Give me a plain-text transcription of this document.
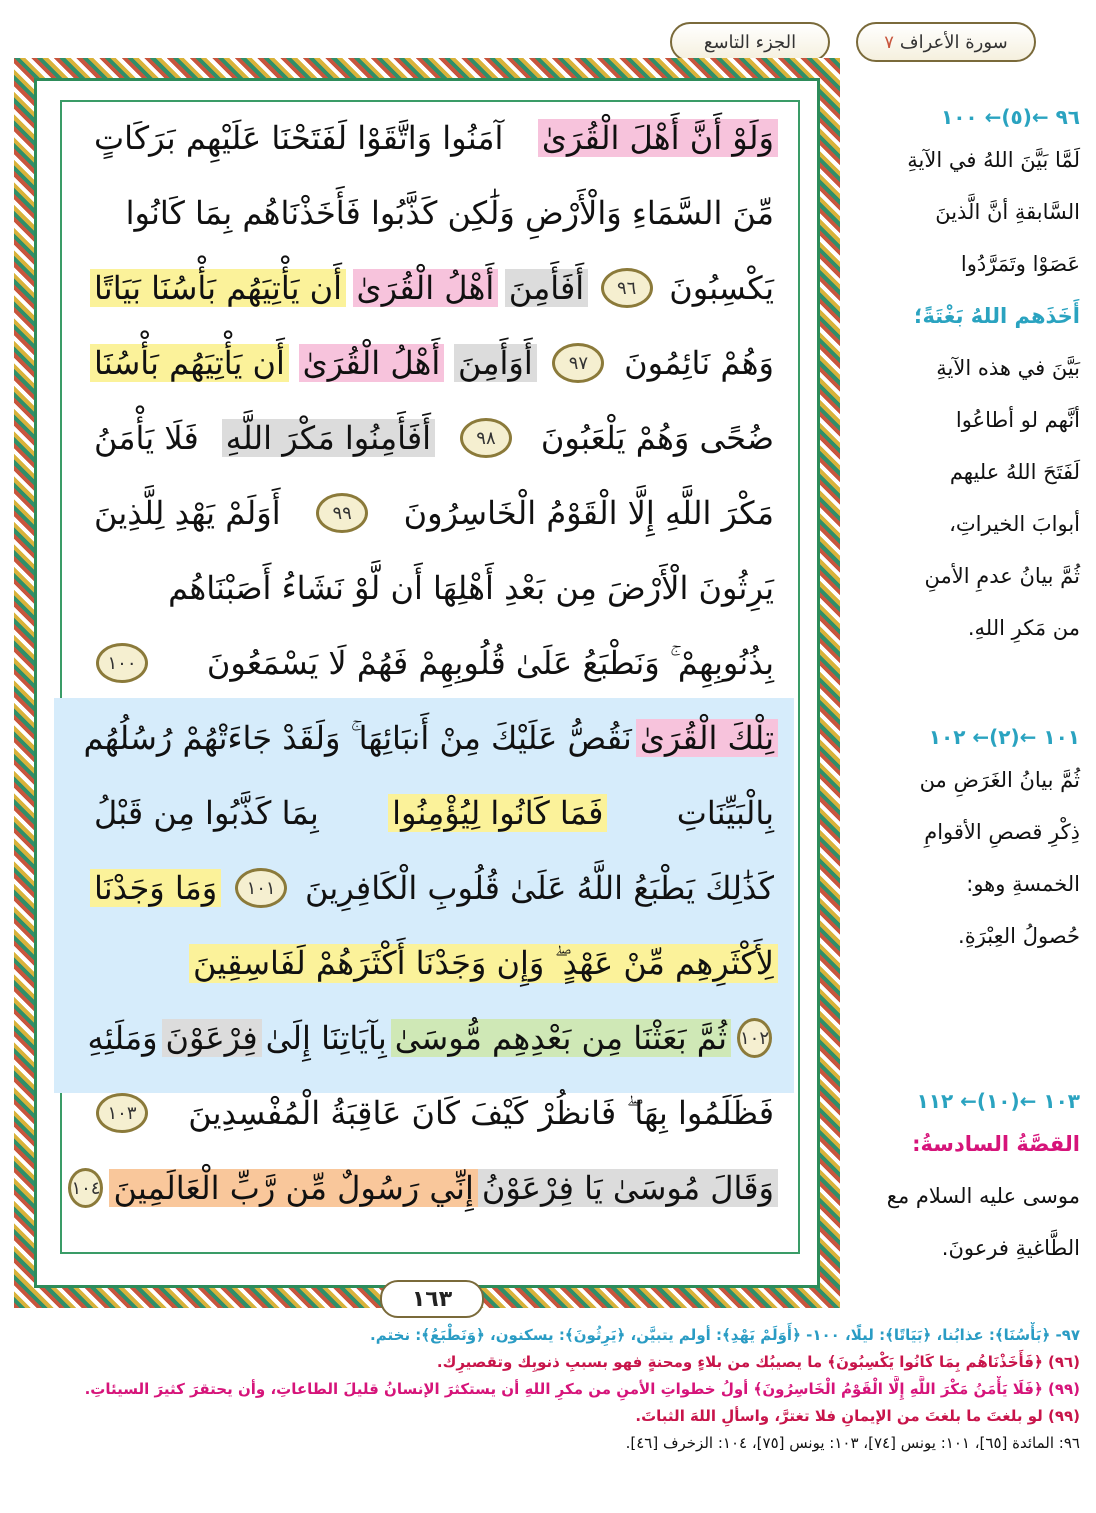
الجزء التاسع	سورة الأعراف
٧
وَلَوْ أَنَّ أَهْلَ الْقُرَىٰ
آمَنُوا وَاتَّقَوْا لَفَتَحْنَا عَلَيْهِم بَرَكَاتٍ
مِّنَ السَّمَاءِ وَالْأَرْضِ وَلَٰكِن كَذَّبُوا فَأَخَذْنَاهُم بِمَا كَانُوا
يَكْسِبُونَ
٩٦
أَفَأَمِنَ
أَهْلُ الْقُرَىٰ
أَن يَأْتِيَهُم بَأْسُنَا بَيَاتًا
وَهُمْ نَائِمُونَ
٩٧
أَوَأَمِنَ
أَهْلُ الْقُرَىٰ
أَن يَأْتِيَهُم بَأْسُنَا
ضُحًى وَهُمْ يَلْعَبُونَ
٩٨
أَفَأَمِنُوا مَكْرَ اللَّهِ
فَلَا يَأْمَنُ
مَكْرَ اللَّهِ إِلَّا الْقَوْمُ الْخَاسِرُونَ
٩٩
أَوَلَمْ يَهْدِ لِلَّذِينَ
يَرِثُونَ الْأَرْضَ مِن بَعْدِ أَهْلِهَا أَن لَّوْ نَشَاءُ أَصَبْنَاهُم
بِذُنُوبِهِمْ ۚ وَنَطْبَعُ عَلَىٰ قُلُوبِهِمْ فَهُمْ لَا يَسْمَعُونَ
١٠٠
تِلْكَ الْقُرَىٰ
نَقُصُّ عَلَيْكَ مِنْ أَنبَائِهَا ۚ وَلَقَدْ جَاءَتْهُمْ رُسُلُهُم
بِالْبَيِّنَاتِ
فَمَا كَانُوا لِيُؤْمِنُوا
بِمَا كَذَّبُوا مِن قَبْلُ
كَذَٰلِكَ يَطْبَعُ اللَّهُ عَلَىٰ قُلُوبِ الْكَافِرِينَ
١٠١
وَمَا وَجَدْنَا
لِأَكْثَرِهِم مِّنْ عَهْدٍ ۖ وَإِن وَجَدْنَا أَكْثَرَهُمْ لَفَاسِقِينَ
١٠٢
ثُمَّ بَعَثْنَا مِن بَعْدِهِم مُّوسَىٰ
بِآيَاتِنَا إِلَىٰ
فِرْعَوْنَ
وَمَلَئِهِ
فَظَلَمُوا بِهَا ۖ فَانظُرْ كَيْفَ كَانَ عَاقِبَةُ الْمُفْسِدِينَ
١٠٣
وَقَالَ مُوسَىٰ يَا فِرْعَوْنُ
إِنِّي رَسُولٌ مِّن رَّبِّ الْعَالَمِينَ
١٠٤
١٦٣
٩٦ ←(٥)← ١٠٠
لَمَّا بَيَّنَ اللهُ في الآيةِ
السَّابقةِ أنَّ الَّذينَ
عَصَوْا وتَمَرَّدُوا
أَخَذَهم اللهُ بَغْتَةً؛
بَيَّنَ في هذه الآيةِ
أنَّهم لو أطاعُوا
لَفَتَحَ اللهُ عليهم
أبوابَ الخيراتِ،
ثُمَّ بيانُ عدمِ الأمنِ
من مَكرِ اللهِ.
١٠١ ←(٢)← ١٠٢
ثُمَّ بيانُ الغَرَضِ من
ذِكْرِ قصصِ الأقوامِ
الخمسةِ وهو:
حُصولُ العِبْرَةِ.
١٠٣ ←(١٠)← ١١٢
القصَّةُ السادسةُ:
موسى عليه السلام مع
الطَّاغيةِ فرعونَ.
٩٧- ﴿بَأْسُنَا﴾: عذابُنا، ﴿بَيَاتًا﴾: ليلًا، ١٠٠- ﴿أَوَلَمْ يَهْدِ﴾: أولم يتبيَّن، ﴿يَرِثُونَ﴾: يسكنون، ﴿وَنَطْبَعُ﴾: نختم.
(٩٦) ﴿فَأَخَذْنَاهُم بِمَا كَانُوا يَكْسِبُونَ﴾ ما يصيبُك من بلاءٍ ومحنةٍ فهو بسببِ ذنوبِك وتقصيرِك.
(٩٩) ﴿فَلَا يَأْمَنُ مَكْرَ اللَّهِ إِلَّا الْقَوْمُ الْخَاسِرُونَ﴾ أولُ خطواتِ الأمنِ من مكرِ اللهِ أن يستكثرَ الإنسانُ قليلَ الطاعاتِ، وأن يحتقرَ كثيرَ السيئاتِ.
(٩٩) لو بلغتَ ما بلغتَ من الإيمانِ فلا تغترَّ، واسألِ اللهَ الثباتَ.
٩٦: المائدة [٦٥]، ١٠١: يونس [٧٤]، ١٠٣: يونس [٧٥]، ١٠٤: الزخرف [٤٦].
